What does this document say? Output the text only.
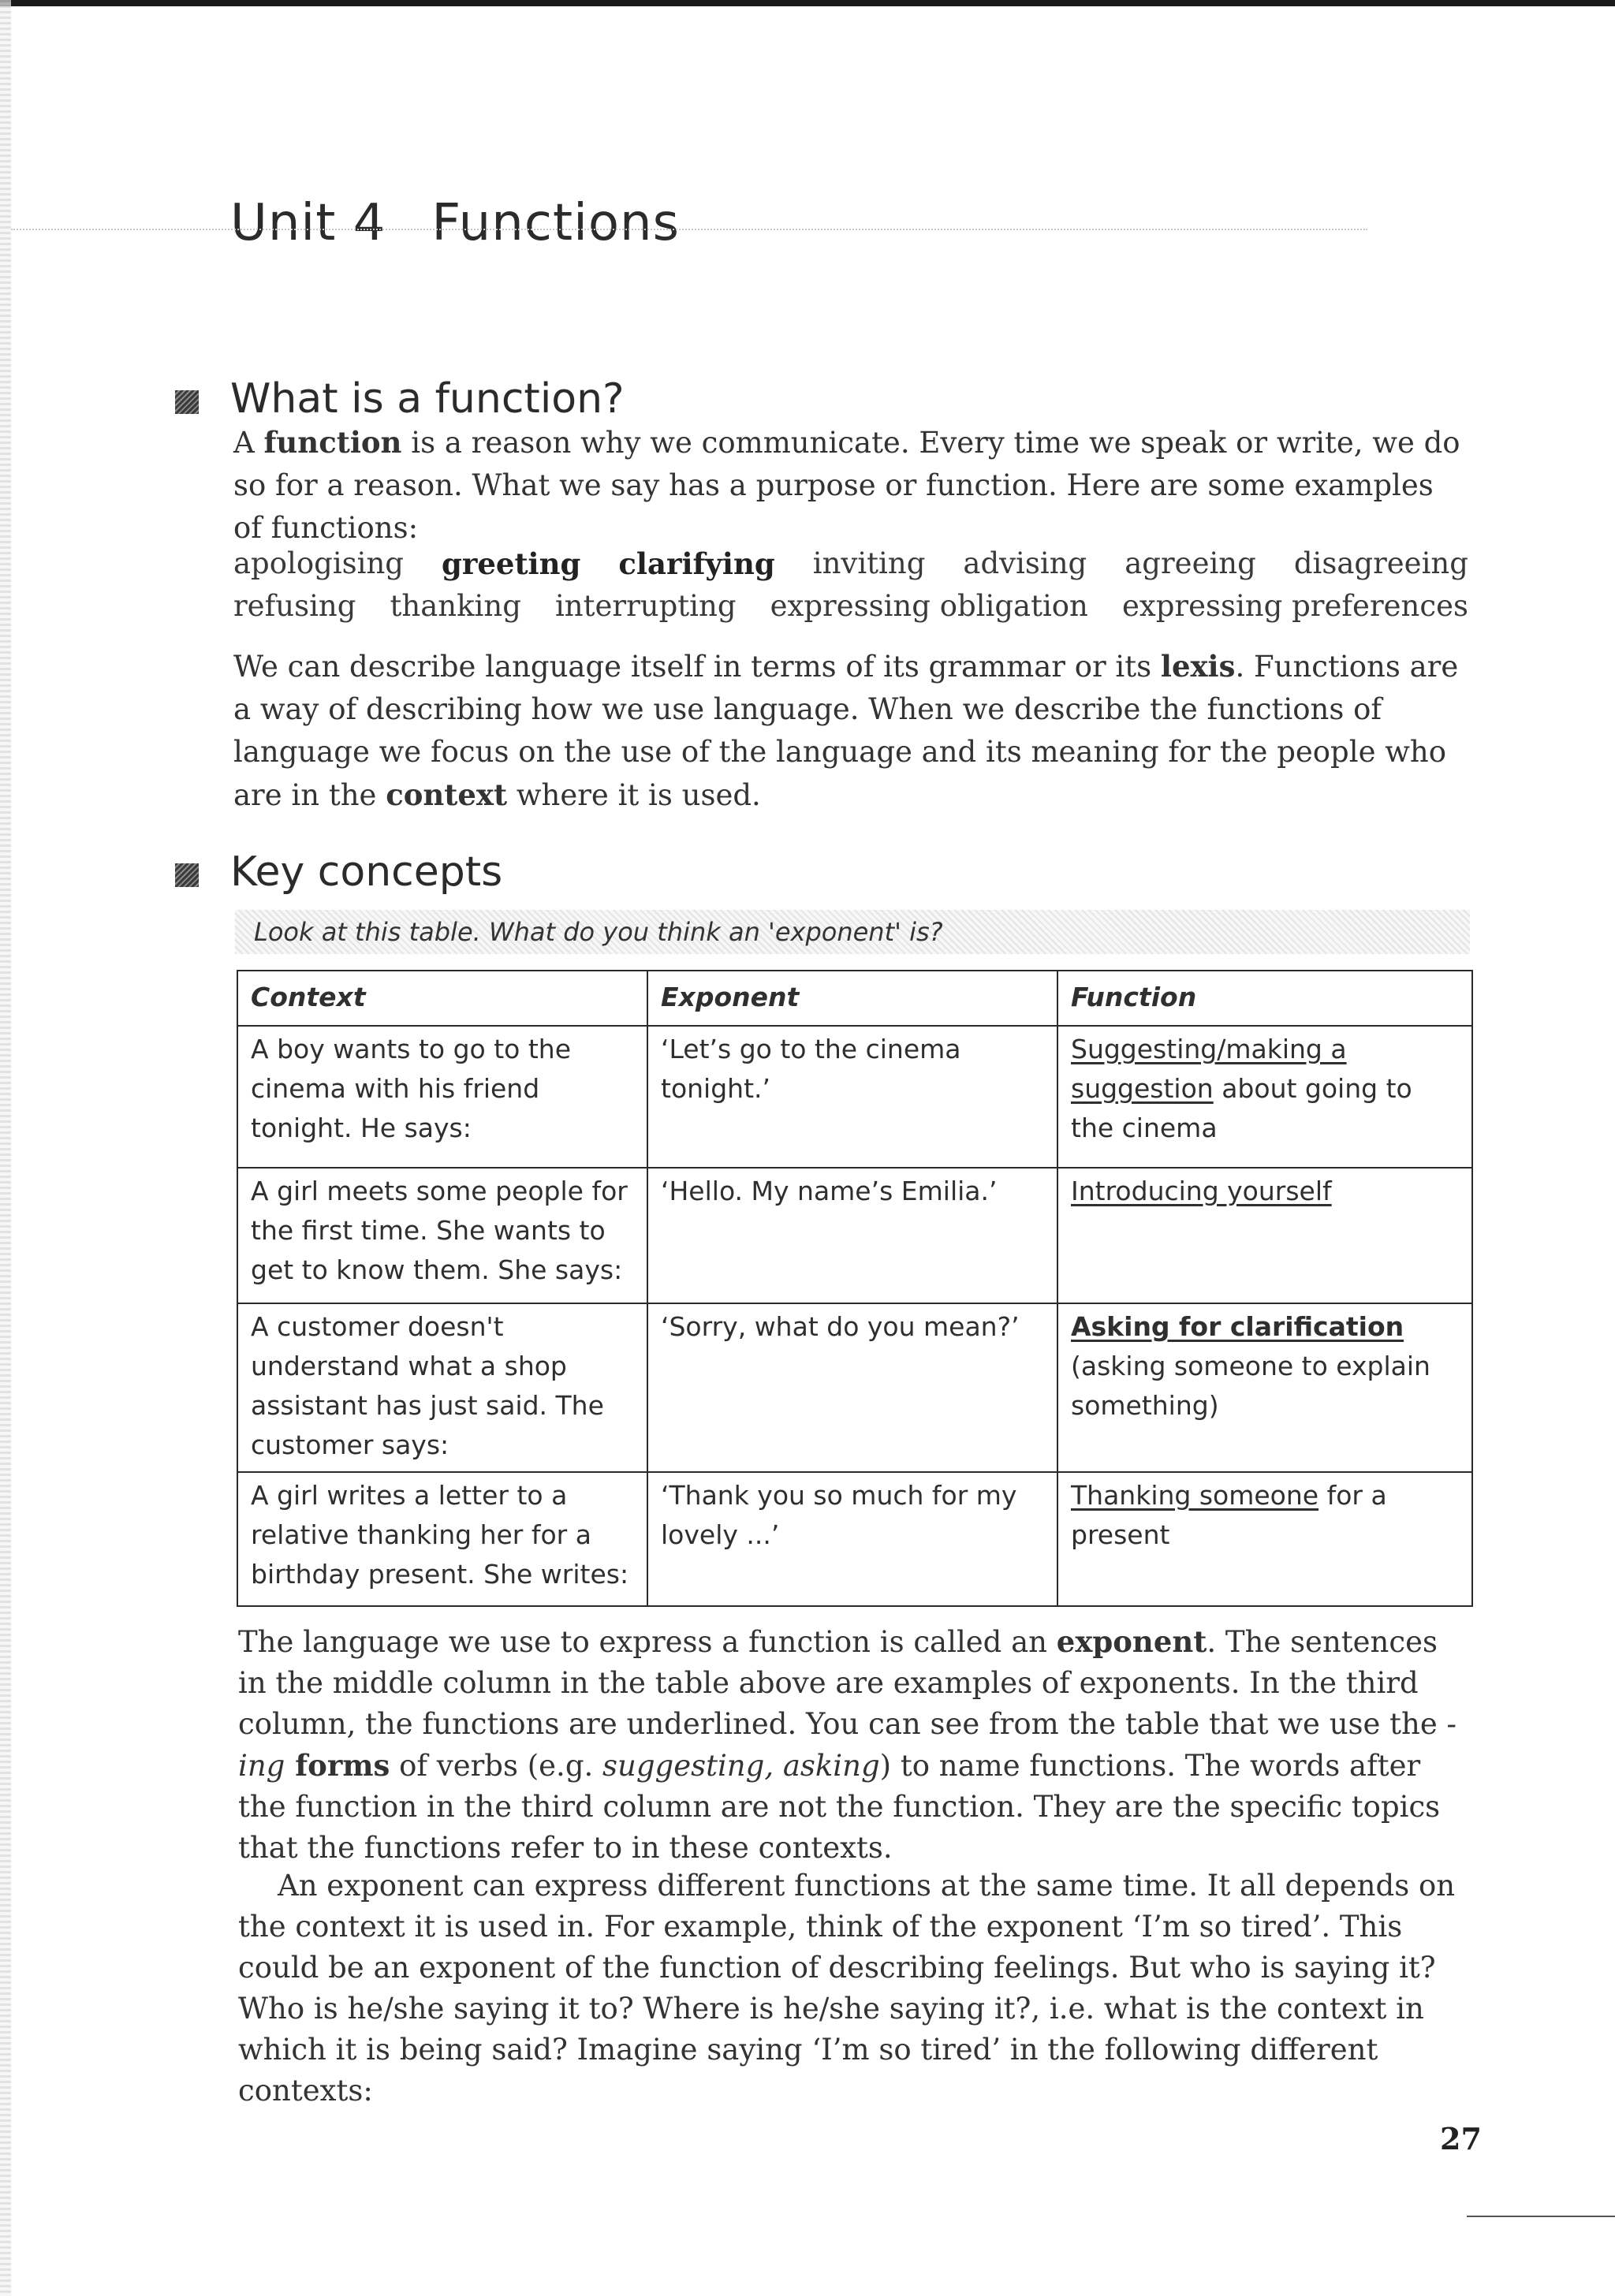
Unit 4 Functions
What is a function?

A function is a reason why we communicate. Every time we speak or write, we do so for a reason. What we say has a purpose or function. Here are some examples of functions:

apologising greeting clarifying inviting advising agreeing disagreeing
refusing thanking interrupting expressing obligation expressing preferences

We can describe language itself in terms of its grammar or its lexis. Functions are a way of describing how we use language. When we describe the functions of language we focus on the use of the language and its meaning for the people who are in the context where it is used.

Key concepts
Look at this table. What do you think an 'exponent' is?
Context	Exponent	Function
A boy wants to go to the cinema with his friend tonight. He says:	‘Let’s go to the cinema tonight.’	Suggesting/making a suggestion about going to the cinema
A girl meets some people for the first time. She wants to get to know them. She says:	‘Hello. My name’s Emilia.’	Introducing yourself
A customer doesn't understand what a shop assistant has just said. The customer says:	‘Sorry, what do you mean?’	Asking for clarification (asking someone to explain something)
A girl writes a letter to a relative thanking her for a birthday present. She writes:	‘Thank you so much for my lovely ...’	Thanking someone for a present

The language we use to express a function is called an exponent. The sentences in the middle column in the table above are examples of exponents. In the third column, the functions are underlined. You can see from the table that we use the -ing forms of verbs (e.g. suggesting, asking) to name functions. The words after the function in the third column are not the function. They are the specific topics that the functions refer to in these contexts.

An exponent can express different functions at the same time. It all depends on the context it is used in. For example, think of the exponent ‘I’m so tired’. This could be an exponent of the function of describing feelings. But who is saying it? Who is he/she saying it to? Where is he/she saying it?, i.e. what is the context in which it is being said? Imagine saying ‘I’m so tired’ in the following different contexts:

27
